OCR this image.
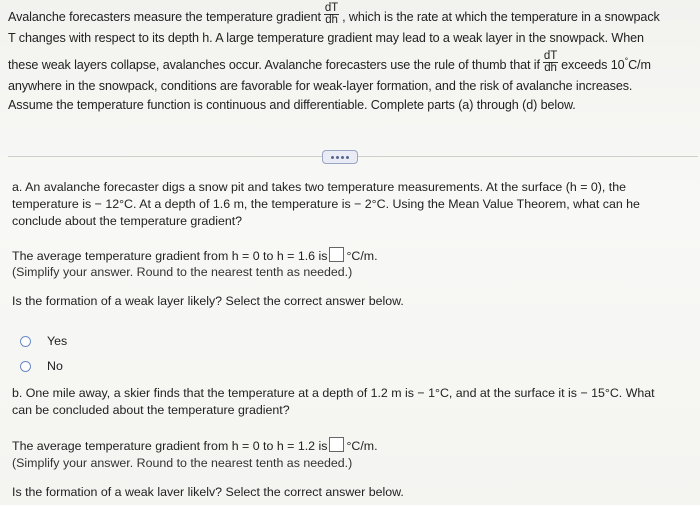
Avalanche forecasters measure the temperature gradient $\frac{dT}{dh}$ , which is the rate at which the temperature in a snowpack
T changes with respect to its depth h. A large temperature gradient may lead to a weak layer in the snowpack. When
these weak layers collapse, avalanches occur. Avalanche forecasters use the rule of thumb that if $\frac{dT}{dh}$ exceeds 10°C/m
anywhere in the snowpack, conditions are favorable for weak-layer formation, and the risk of avalanche increases.
Assume the temperature function is continuous and differentiable. Complete parts (a) through (d) below.
a. An avalanche forecaster digs a snow pit and takes two temperature measurements. At the surface (h = 0), the
temperature is − 12°C. At a depth of 1.6 m, the temperature is − 2°C. Using the Mean Value Theorem, what can he
conclude about the temperature gradient?
The average temperature gradient from h = 0 to h = 1.6 is °C/m.
(Simplify your answer. Round to the nearest tenth as needed.)
Is the formation of a weak layer likely? Select the correct answer below.
Yes
No
b. One mile away, a skier finds that the temperature at a depth of 1.2 m is − 1°C, and at the surface it is − 15°C. What
can be concluded about the temperature gradient?
The average temperature gradient from h = 0 to h = 1.2 is °C/m.
(Simplify your answer. Round to the nearest tenth as needed.)
Is the formation of a weak laver likelv? Select the correct answer below.
